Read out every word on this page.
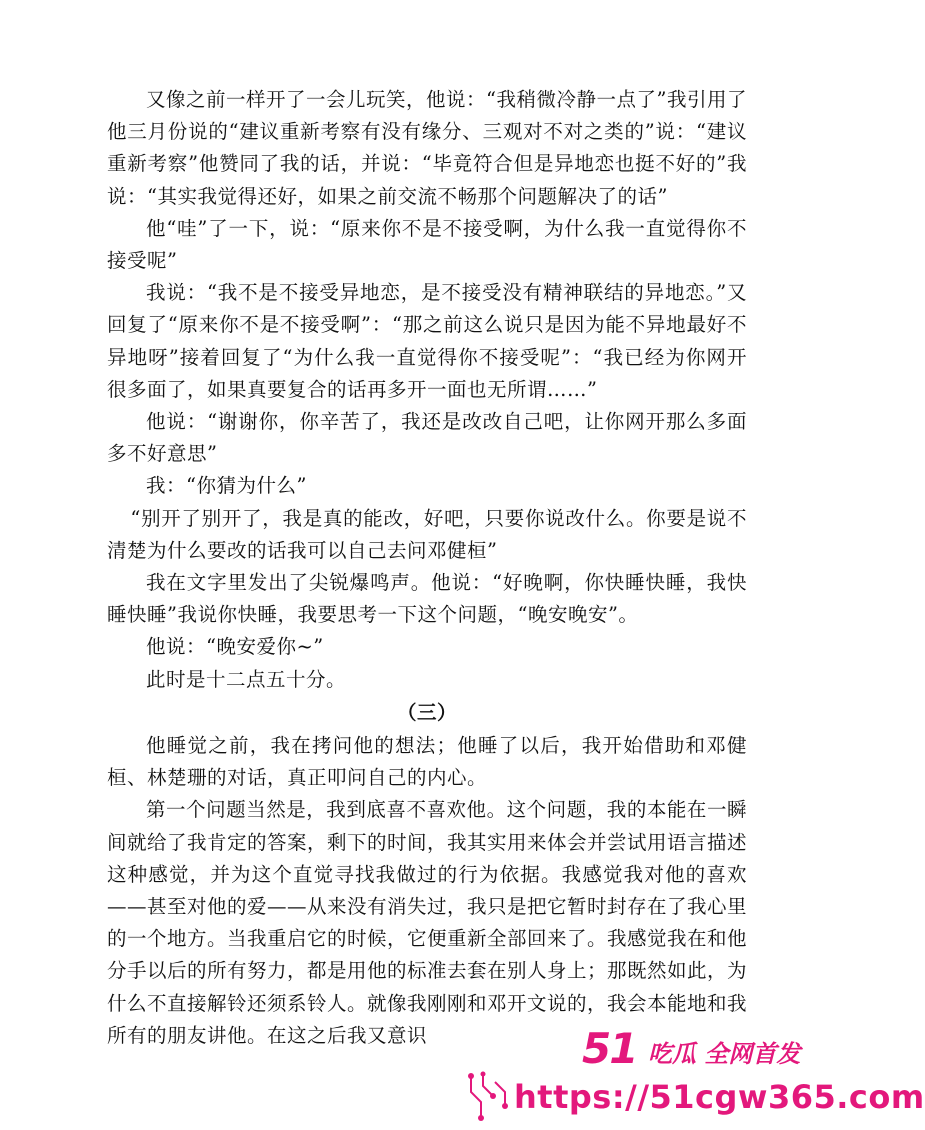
又像之前一样开了一会儿玩笑，他说：“我稍微冷静一点了”我引用了他三月份说的“建议重新考察有没有缘分、三观对不对之类的”说：“建议重新考察”他赞同了我的话，并说：“毕竟符合但是异地恋也挺不好的”我说：“其实我觉得还好，如果之前交流不畅那个问题解决了的话”

他“哇”了一下，说：“原来你不是不接受啊，为什么我一直觉得你不接受呢”

我说：“我不是不接受异地恋，是不接受没有精神联结的异地恋。”又回复了“原来你不是不接受啊”：“那之前这么说只是因为能不异地最好不异地呀”接着回复了“为什么我一直觉得你不接受呢”：“我已经为你网开很多面了，如果真要复合的话再多开一面也无所谓……”

他说：“谢谢你，你辛苦了，我还是改改自己吧，让你网开那么多面多不好意思”

我：“你猜为什么”

“别开了别开了，我是真的能改，好吧，只要你说改什么。你要是说不清楚为什么要改的话我可以自己去问邓健桓”

我在文字里发出了尖锐爆鸣声。他说：“好晚啊，你快睡快睡，我快睡快睡”我说你快睡，我要思考一下这个问题，“晚安晚安”。

他说：“晚安爱你~”

此时是十二点五十分。

（三）

他睡觉之前，我在拷问他的想法；他睡了以后，我开始借助和邓健桓、林楚珊的对话，真正叩问自己的内心。

第一个问题当然是，我到底喜不喜欢他。这个问题，我的本能在一瞬间就给了我肯定的答案，剩下的时间，我其实用来体会并尝试用语言描述这种感觉，并为这个直觉寻找我做过的行为依据。我感觉我对他的喜欢——甚至对他的爱——从来没有消失过，我只是把它暂时封存在了我心里的一个地方。当我重启它的时候，它便重新全部回来了。我感觉我在和他分手以后的所有努力，都是用他的标准去套在别人身上；那既然如此，为什么不直接解铃还须系铃人。就像我刚刚和邓开文说的，我会本能地和我所有的朋友讲他。在这之后我又意识	51 吃瓜 全网首发
https://51cgw365.com
